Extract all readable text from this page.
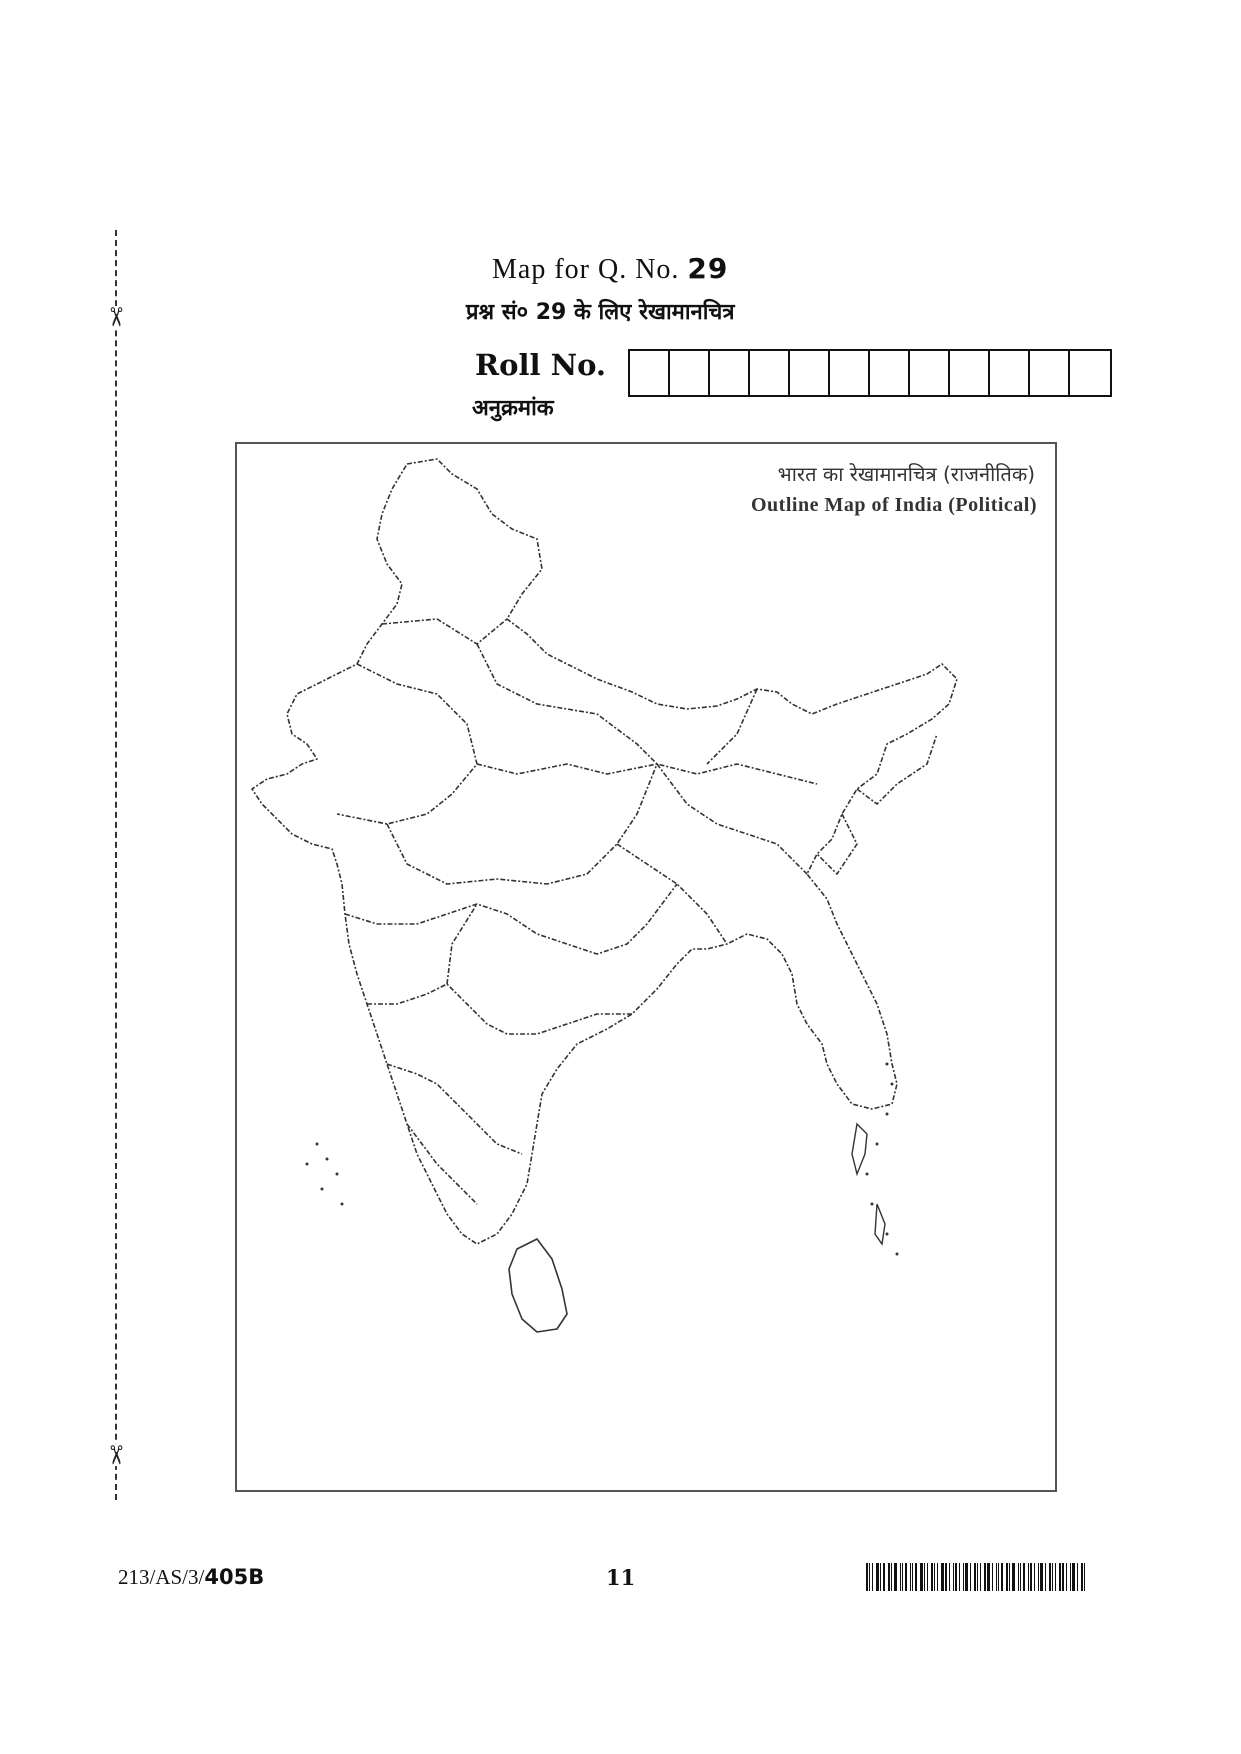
✂
✂
Map for Q. No. 29
प्रश्न सं० 29 के लिए रेखामानचित्र
Roll No.
अनुक्रमांक
भारत का रेखामानचित्र (राजनीतिक)
Outline Map of India (Political)
213/AS/3/405B	11
